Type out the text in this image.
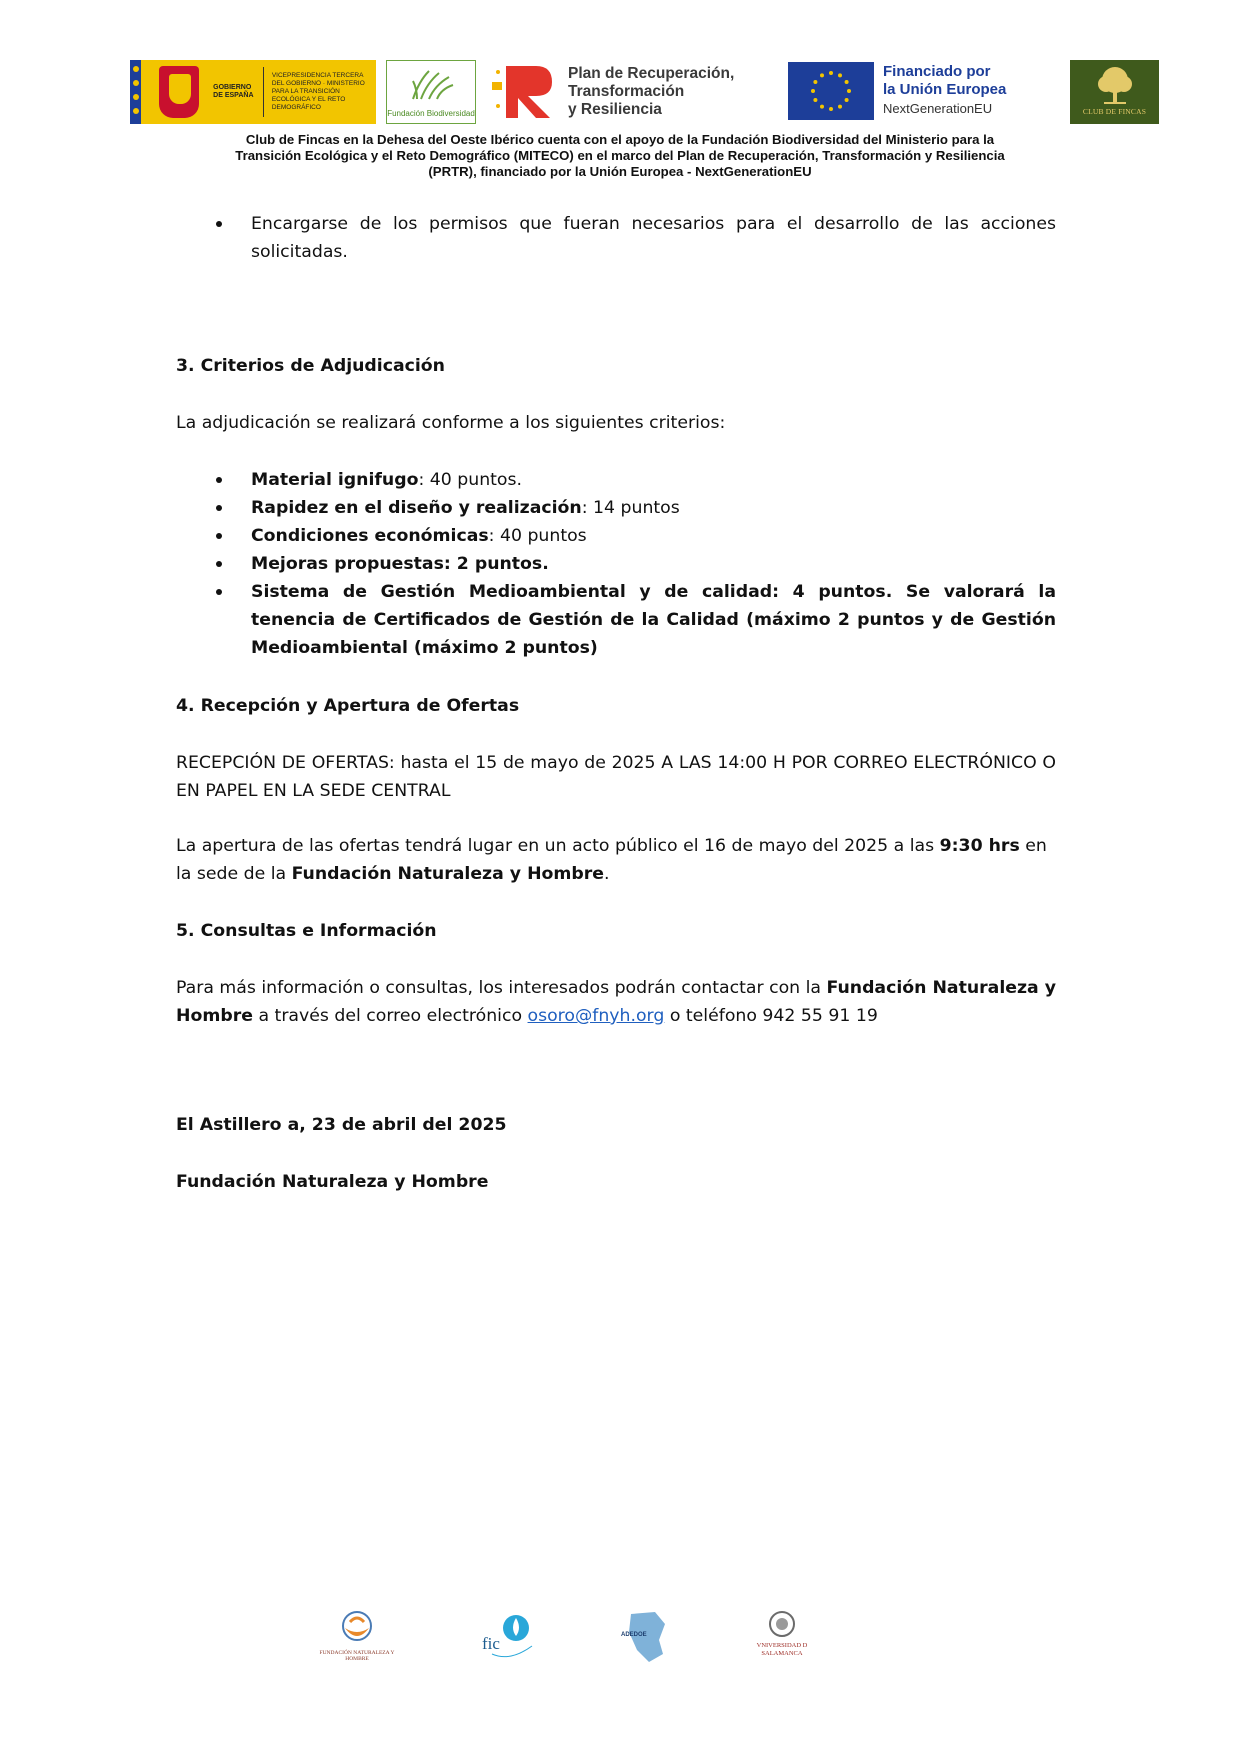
GOBIERNO DE ESPAÑA
VICEPRESIDENCIA TERCERA DEL GOBIERNO · MINISTERIO PARA LA TRANSICIÓN ECOLÓGICA Y EL RETO DEMOGRÁFICO
Fundación Biodiversidad
Plan de Recuperación,
Transformación
y Resiliencia
Financiado por
la Unión Europea
NextGenerationEU	CLUB DE FINCAS
Club de Fincas en la Dehesa del Oeste Ibérico cuenta con el apoyo de la Fundación Biodiversidad del Ministerio para la
Transición Ecológica y el Reto Demográfico (MITECO) en el marco del Plan de Recuperación, Transformación y Resiliencia
(PRTR), financiado por la Unión Europea - NextGenerationEU
Encargarse de los permisos que fueran necesarios para el desarrollo de las acciones solicitadas.

3. Criterios de Adjudicación

La adjudicación se realizará conforme a los siguientes criterios:

Material ignifugo: 40 puntos.
Rapidez en el diseño y realización: 14 puntos
Condiciones económicas: 40 puntos
Mejoras propuestas: 2 puntos.
Sistema de Gestión Medioambiental y de calidad: 4 puntos. Se valorará la tenencia de Certificados de Gestión de la Calidad (máximo 2 puntos y de Gestión Medioambiental (máximo 2 puntos)

4. Recepción y Apertura de Ofertas

RECEPCIÓN DE OFERTAS: hasta el 15 de mayo de 2025 A LAS 14:00 H POR CORREO ELECTRÓNICO O EN PAPEL EN LA SEDE CENTRAL

La apertura de las ofertas tendrá lugar en un acto público el 16 de mayo del 2025 a las 9:30 hrs en la sede de la Fundación Naturaleza y Hombre.

5. Consultas e Información

Para más información o consultas, los interesados podrán contactar con la Fundación Naturaleza y Hombre a través del correo electrónico osoro@fnyh.org o teléfono 942 55 91 19

El Astillero a, 23 de abril del 2025

Fundación Naturaleza y Hombre

FUNDACIÓN NATURALEZA Y HOMBRE
fic	ADEDOE
VNIVERSIDAD D SALAMANCA
